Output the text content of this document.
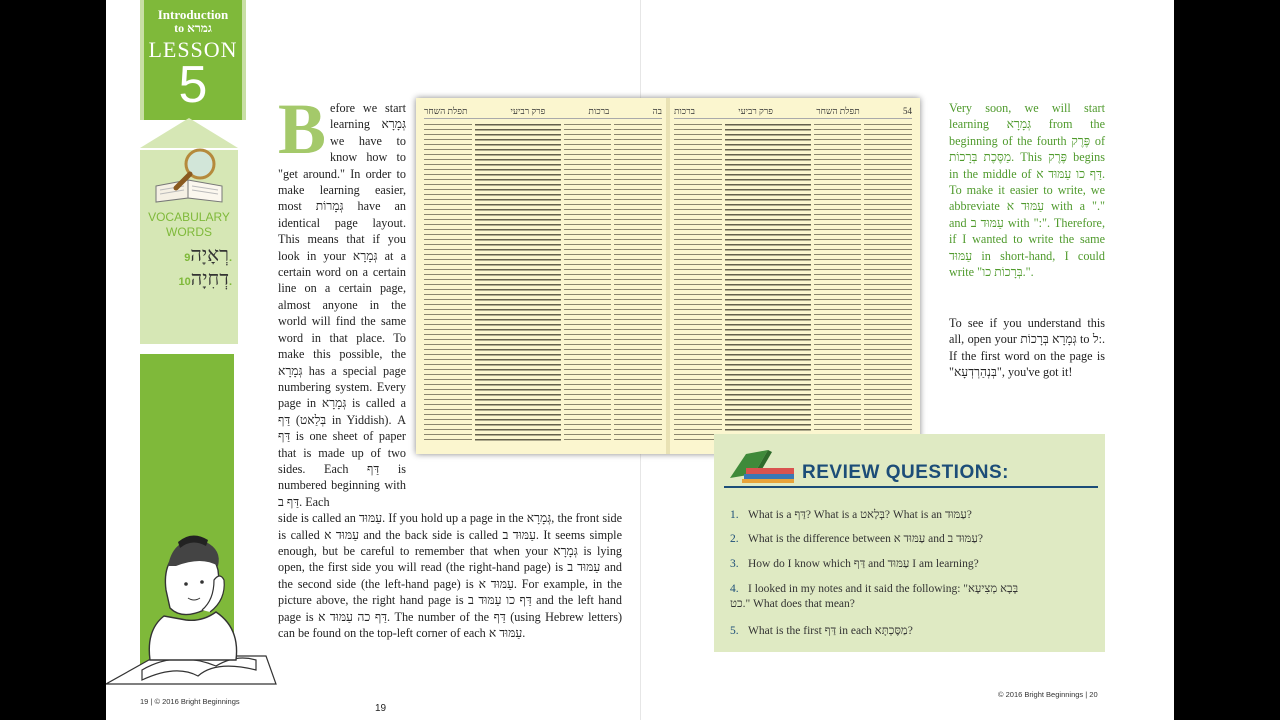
Introduction
to גמרא
LESSON
5
VOCABULARY
WORDS
רְאָיָה9.
דְחִיָה10.
Before we start learning גְּמָרָא we have to know how to "get around." In order to make learning easier, most גְּמָרוֹת have an identical page layout. This means that if you look in your גְּמָרָא at a certain word on a certain line on a certain page, almost anyone in the world will find the same word in that place. To make this possible, the גְּמָרָא has a special page numbering system. Every page in גְּמָרָא is called a דַּף (בְּלַאט in Yiddish). A דַּף is one sheet of paper that is made up of two sides. Each דַּף is numbered beginning with דַּף ב. Each
side is called an עַמּוּד. If you hold up a page in the גְּמָרָא, the front side is called עַמּוּד א and the back side is called עַמּוּד ב. It seems simple enough, but be careful to remember that when your גְּמָרָא is lying open, the first side you will read (the right-hand page) is עַמּוּד ב and the second side (the left-hand page) is עַמּוּד א. For example, in the picture above, the right hand page is דַּף כו עַמּוּד ב and the left hand page is דַּף כה עַמּוּד א. The number of the דַּף (using Hebrew letters) can be found on the top-left corner of each עַמּוּד א.
תפלת השחר	פרק רביעי	ברכות	בה ברכות	פרק רביעי	תפלת השחר	54	Very soon, we will start learning גְּמָרָא from the beginning of the fourth פֶּרֶק of מַסֶּכֶת בְּרָכוֹת. This פֶּרֶק begins in the middle of דַּף כו עַמּוּד א. To make it easier to write, we abbreviate עַמּוּד א with a "." and עַמּוּד ב with ":". Therefore, if I wanted to write the same עַמּוּד in short-hand, I could write "בְּרָכוֹת כו.".
To see if you understand this all, open your גְּמָרָא בְּרָכוֹת to ל:. If the first word on the page is "בְּנְהַרְדְעָא", you've got it!
REVIEW QUESTIONS:
1. What is a דַּף? What is a בְּלַאט? What is an עַמּוּד?
2. What is the difference between עַמּוּד א and עַמּוּד ב?
3. How do I know which דַּף and עַמּוּד I am learning?
4. I looked in my notes and it said the following: "בָּבָא מְצִיעָא כט." What does that mean?
5. What is the first דַּף in each מַסֶּכְתָּא?
19 | © 2016 Bright Beginnings
© 2016 Bright Beginnings | 20
19
